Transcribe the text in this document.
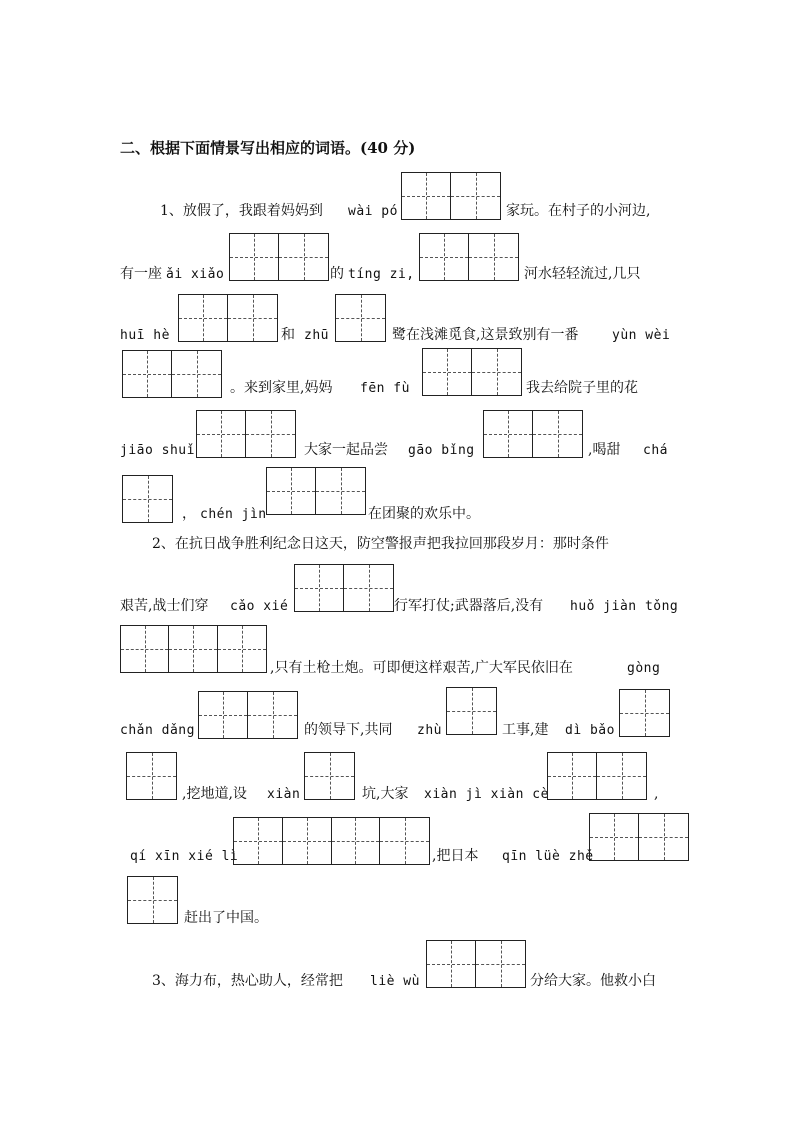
二、根据下面情景写出相应的词语。(40 分)
1、放假了，我跟着妈妈到 wài pó	家玩。在村子的小河边,
有一座 ǎi xiǎo	的 tíng zi,	河水轻轻流过,几只
huī hè	和 zhū	鹭在浅滩觅食,这景致别有一番	yùn wèi
。来到家里,妈妈 fēn fù	我去给院子里的花
jiāo shuǐ	大家一起品尝 gāo bǐng	,喝甜 chá
， chén jìn	在团聚的欢乐中。
2、在抗日战争胜利纪念日这天，防空警报声把我拉回那段岁月：那时条件
艰苦,战士们穿 cǎo xié	行军打仗;武器落后,没有 huǒ jiàn tǒng
,只有土枪土炮。可即便这样艰苦,广大军民依旧在	gòng
chǎn dǎng	的领导下,共同 zhù	工事,建 dì bǎo
,挖地道,设 xiàn	坑,大家 xiàn jì xiàn cè	,
qí xīn xié lì	,把日本 qīn lüè zhě
赶出了中国。
3、海力布，热心助人，经常把 liè wù	分给大家。他救小白
